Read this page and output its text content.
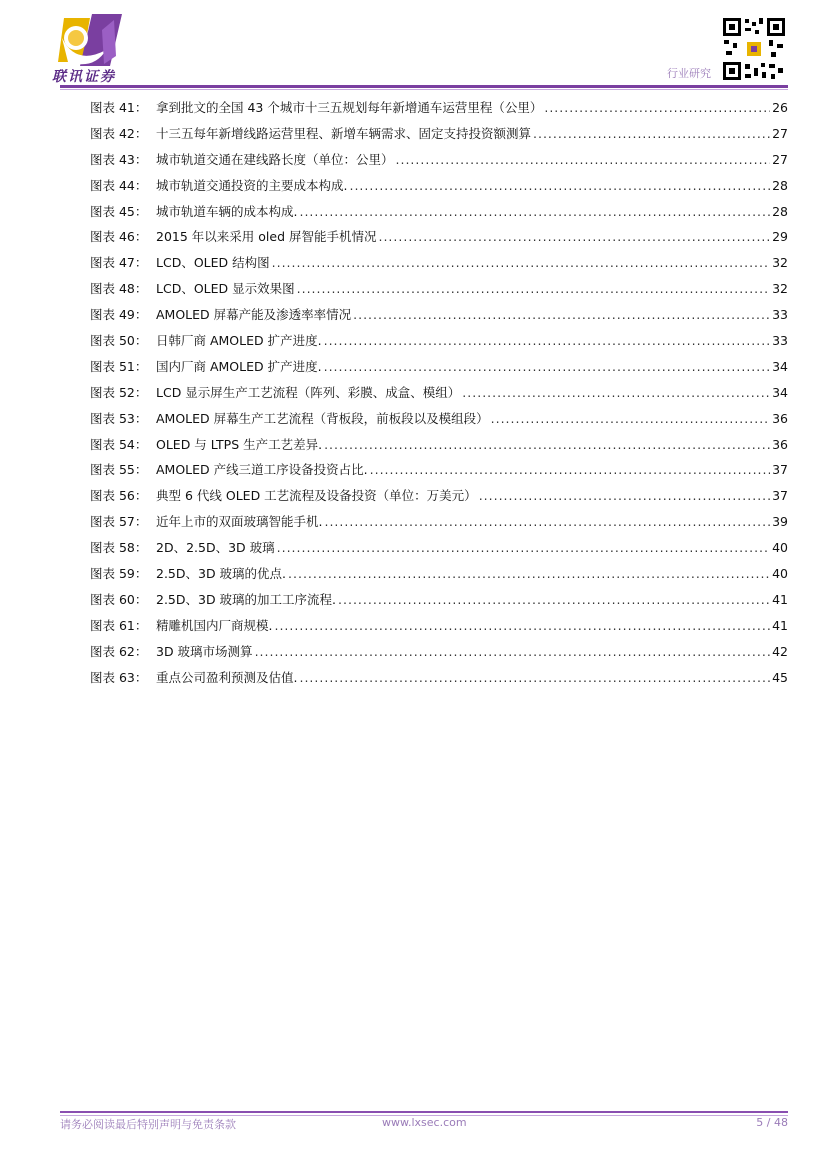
联讯证券	行业研究
图表 41： 拿到批文的全国 43 个城市十三五规划每年新增通车运营里程（公里） .....	26
图表 42： 十三五每年新增线路运营里程、新增车辆需求、固定支持投资额测算 .....	27
图表 43： 城市轨道交通在建线路长度（单位：公里） .....	27
图表 44： 城市轨道交通投资的主要成本构成. .....	28
图表 45： 城市轨道车辆的成本构成. .....	28
图表 46： 2015 年以来采用 oled 屏智能手机情况 .....	29
图表 47： LCD、OLED 结构图 .....	32
图表 48： LCD、OLED 显示效果图 .....	32
图表 49： AMOLED 屏幕产能及渗透率率情况 .....	33
图表 50： 日韩厂商 AMOLED 扩产进度. .....	33
图表 51： 国内厂商 AMOLED 扩产进度. .....	34
图表 52： LCD 显示屏生产工艺流程（阵列、彩膜、成盒、模组） .....	34
图表 53： AMOLED 屏幕生产工艺流程（背板段，前板段以及模组段） .....	36
图表 54： OLED 与 LTPS 生产工艺差异. .....	36
图表 55： AMOLED 产线三道工序设备投资占比. .....	37
图表 56： 典型 6 代线 OLED 工艺流程及设备投资（单位：万美元） .....	37
图表 57： 近年上市的双面玻璃智能手机. .....	39
图表 58： 2D、2.5D、3D 玻璃 .....	40
图表 59： 2.5D、3D 玻璃的优点. .....	40
图表 60： 2.5D、3D 玻璃的加工工序流程. .....	41
图表 61： 精雕机国内厂商规模. .....	41
图表 62： 3D 玻璃市场测算 .....	42
图表 63： 重点公司盈利预测及估值. .....	45
请务必阅读最后特别声明与免责条款	www.lxsec.com	5 / 48
